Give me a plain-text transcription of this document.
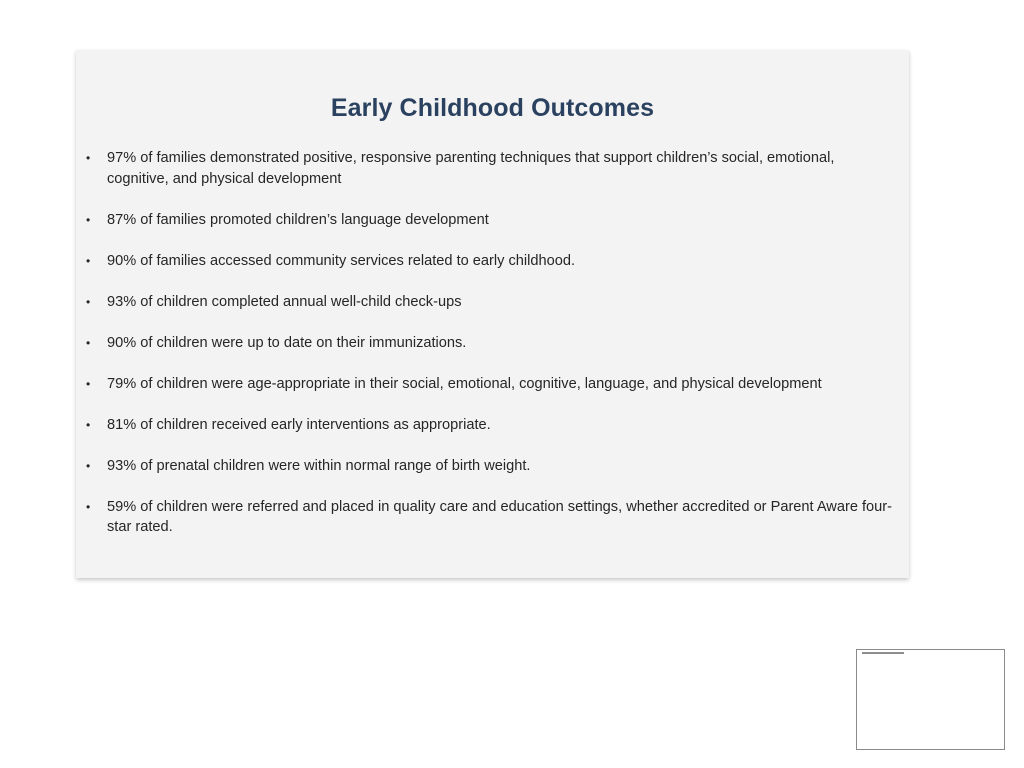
Early Childhood Outcomes
•	97% of families demonstrated positive, responsive parenting techniques that support children’s social, emotional, cognitive, and physical development
•	87% of families promoted children’s language development
•	90% of families accessed community services related to early childhood.
•	93% of children completed annual well-child check-ups
•	90% of children were up to date on their immunizations.
•	79% of children were age-appropriate in their social, emotional, cognitive, language, and physical development
•	81% of children received early interventions as appropriate.
•	93% of prenatal children were within normal range of birth weight.
•	59% of children were referred and placed in quality care and education settings, whether accredited or Parent Aware four-star rated.
